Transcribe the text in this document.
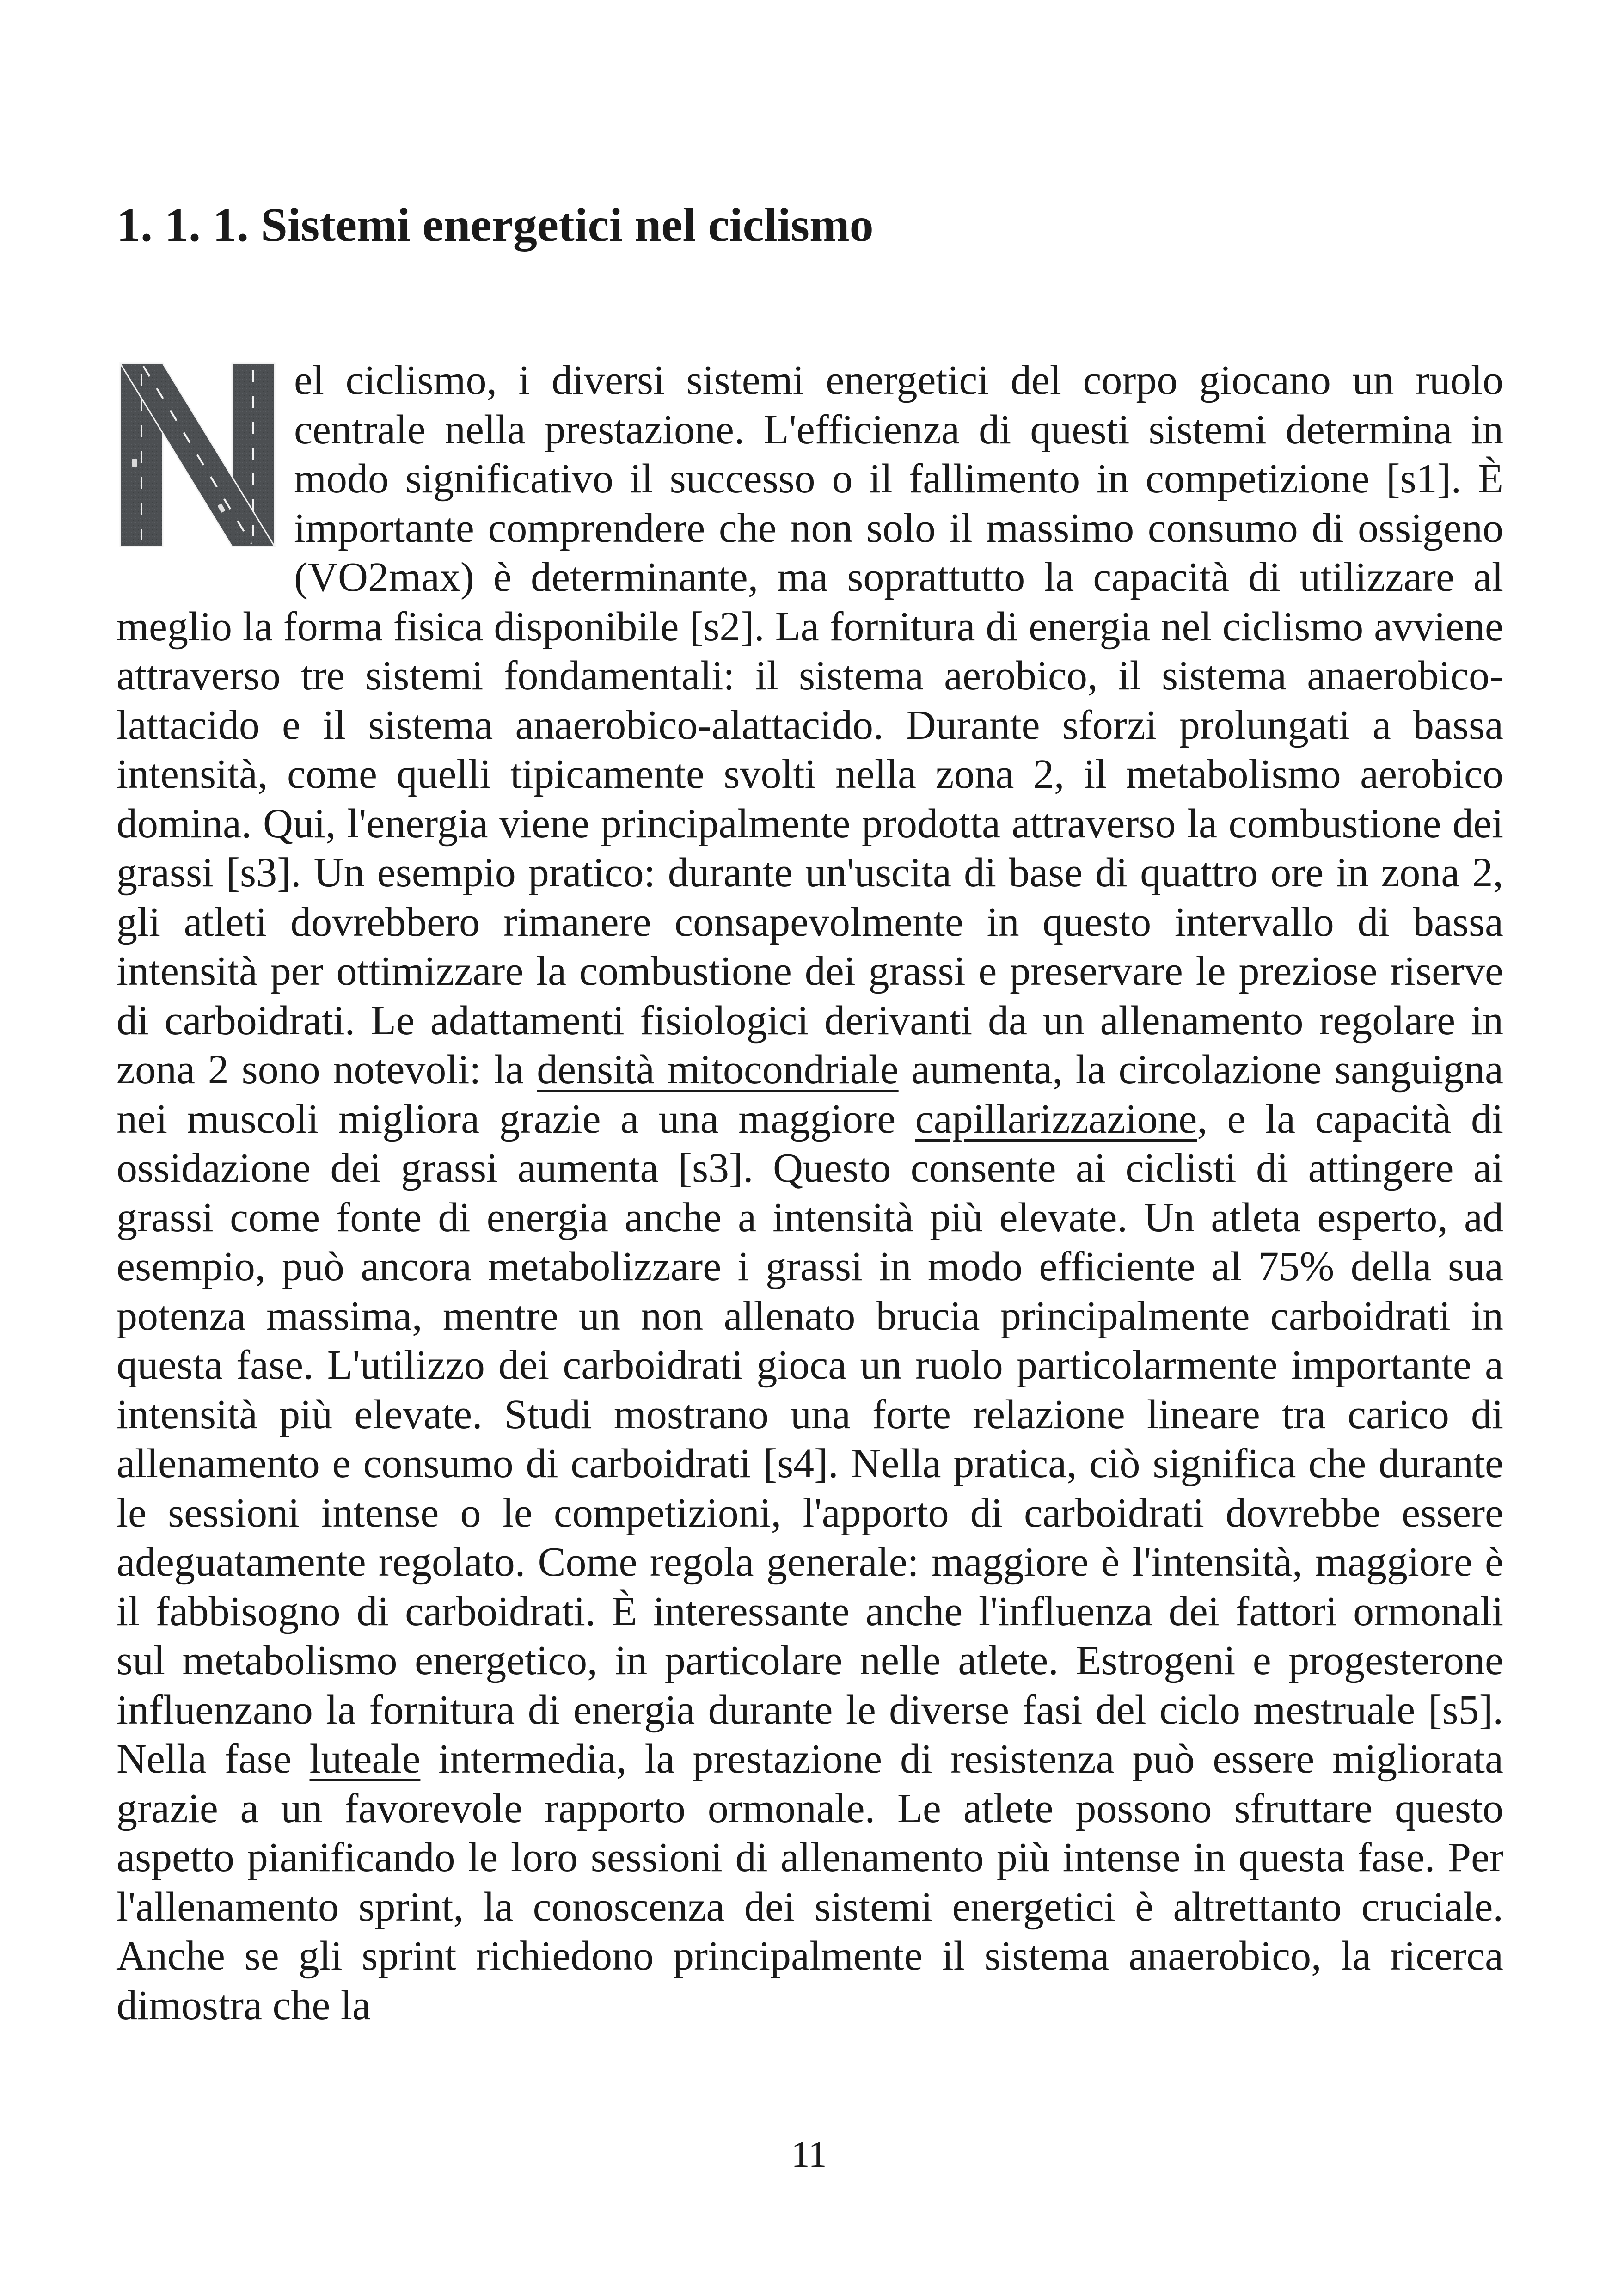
1. 1. 1. Sistemi energetici nel ciclismo

el ciclismo, i diversi sistemi energetici del corpo giocano un ruolo centrale nella prestazione. L'efficienza di questi sistemi determina in modo significativo il successo o il fallimento in competizione [s1]. È importante comprendere che non solo il massimo consumo di ossigeno (VO2max) è determinante, ma soprattutto la capacità di utilizzare al meglio la forma fisica disponibile [s2]. La fornitura di energia nel ciclismo avviene attraverso tre sistemi fondamentali: il sistema aerobico, il sistema anaerobico-lattacido e il sistema anaerobico-alattacido. Durante sforzi prolungati a bassa intensità, come quelli tipicamente svolti nella zona 2, il metabolismo aerobico domina. Qui, l'energia viene principalmente prodotta attraverso la combustione dei grassi [s3]. Un esempio pratico: durante un'uscita di base di quattro ore in zona 2, gli atleti dovrebbero rimanere consapevolmente in questo intervallo di bassa intensità per ottimizzare la combustione dei grassi e preservare le preziose riserve di carboidrati. Le adattamenti fisiologici derivanti da un allenamento regolare in zona 2 sono notevoli: la densità mitocondriale aumenta, la circolazione sanguigna nei muscoli migliora grazie a una maggiore capillarizzazione, e la capacità di ossidazione dei grassi aumenta [s3]. Questo consente ai ciclisti di attingere ai grassi come fonte di energia anche a intensità più elevate. Un atleta esperto, ad esempio, può ancora metabolizzare i grassi in modo efficiente al 75% della sua potenza massima, mentre un non allenato brucia principalmente carboidrati in questa fase. L'utilizzo dei carboidrati gioca un ruolo particolarmente importante a intensità più elevate. Studi mostrano una forte relazione lineare tra carico di allenamento e consumo di carboidrati [s4]. Nella pratica, ciò significa che durante le sessioni intense o le competizioni, l'apporto di carboidrati dovrebbe essere adeguatamente regolato. Come regola generale: maggiore è l'intensità, maggiore è il fabbisogno di carboidrati. È interessante anche l'influenza dei fattori ormonali sul metabolismo energetico, in particolare nelle atlete. Estrogeni e progesterone influenzano la fornitura di energia durante le diverse fasi del ciclo mestruale [s5]. Nella fase luteale intermedia, la prestazione di resistenza può essere migliorata grazie a un favorevole rapporto ormonale. Le atlete possono sfruttare questo aspetto pianificando le loro sessioni di allenamento più intense in questa fase. Per l'allenamento sprint, la conoscenza dei sistemi energetici è altrettanto cruciale. Anche se gli sprint richiedono principalmente il sistema anaerobico, la ricerca dimostra che la

11
